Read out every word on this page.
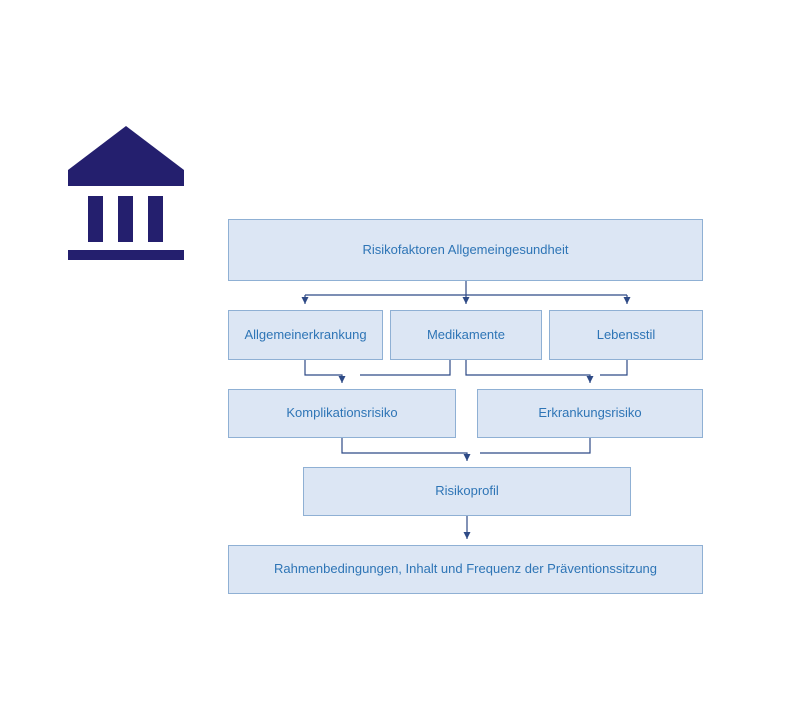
Risikofaktoren Allgemeingesundheit
Allgemeinerkrankung	Medikamente	Lebensstil
Komplikationsrisiko	Erkrankungsrisiko
Risikoprofil
Rahmenbedingungen, Inhalt und Frequenz der Präventionssitzung
